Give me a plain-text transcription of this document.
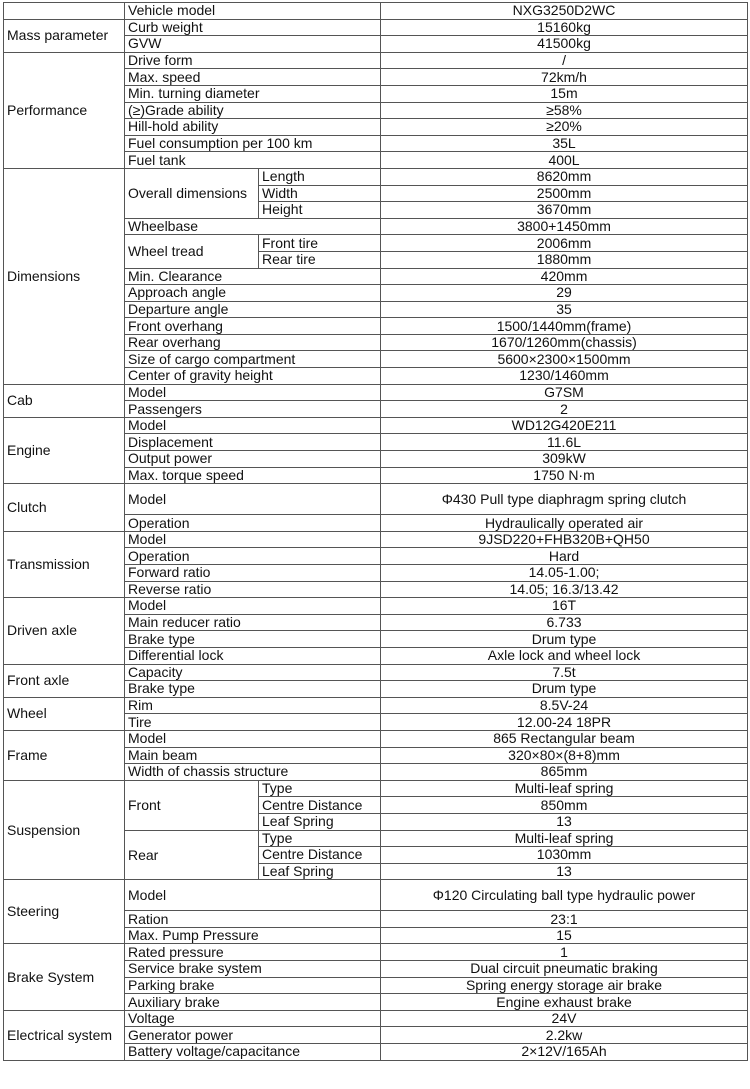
	Vehicle model		NXG3250D2WC
Mass parameter	Curb weight		15160kg
	GVW		41500kg
Performance	Drive form		/
	Max. speed		72km/h
	Min. turning diameter		15m
	(≥)Grade ability		≥58%
	Hill-hold ability		≥20%
	Fuel consumption per 100 km		35L
	Fuel tank		400L
Dimensions	Overall dimensions	Length	8620mm
		Width	2500mm
		Height	3670mm
	Wheelbase		3800+1450mm
	Wheel tread	Front tire	2006mm
		Rear tire	1880mm
	Min. Clearance		420mm
	Approach angle		29
	Departure angle		35
	Front overhang		1500/1440mm(frame)
	Rear overhang		1670/1260mm(chassis)
	Size of cargo compartment		5600×2300×1500mm
	Center of gravity height		1230/1460mm
Cab	Model		G7SM
	Passengers		2
Engine	Model		WD12G420E211
	Displacement		11.6L
	Output power		309kW
	Max. torque speed		1750 N·m
Clutch	Model		Φ430 Pull type diaphragm spring clutch
	Operation		Hydraulically operated air
Transmission	Model		9JSD220+FHB320B+QH50
	Operation		Hard
	Forward ratio		14.05-1.00;
	Reverse ratio		14.05; 16.3/13.42
Driven axle	Model		16T
	Main reducer ratio		6.733
	Brake type		Drum type
	Differential lock		Axle lock and wheel lock
Front axle	Capacity		7.5t
	Brake type		Drum type
Wheel	Rim		8.5V-24
	Tire		12.00-24 18PR
Frame	Model		865 Rectangular beam
	Main beam		320×80×(8+8)mm
	Width of chassis structure		865mm
Suspension	Front	Type	Multi-leaf spring
		Centre Distance	850mm
		Leaf Spring	13
	Rear	Type	Multi-leaf spring
		Centre Distance	1030mm
		Leaf Spring	13
Steering	Model		Φ120 Circulating ball type hydraulic power
	Ration		23:1
	Max. Pump Pressure		15
Brake System	Rated pressure		1
	Service brake system		Dual circuit pneumatic braking
	Parking brake		Spring energy storage air brake
	Auxiliary brake		Engine exhaust brake
Electrical system	Voltage		24V
	Generator power		2.2kw
	Battery voltage/capacitance		2×12V/165Ah
